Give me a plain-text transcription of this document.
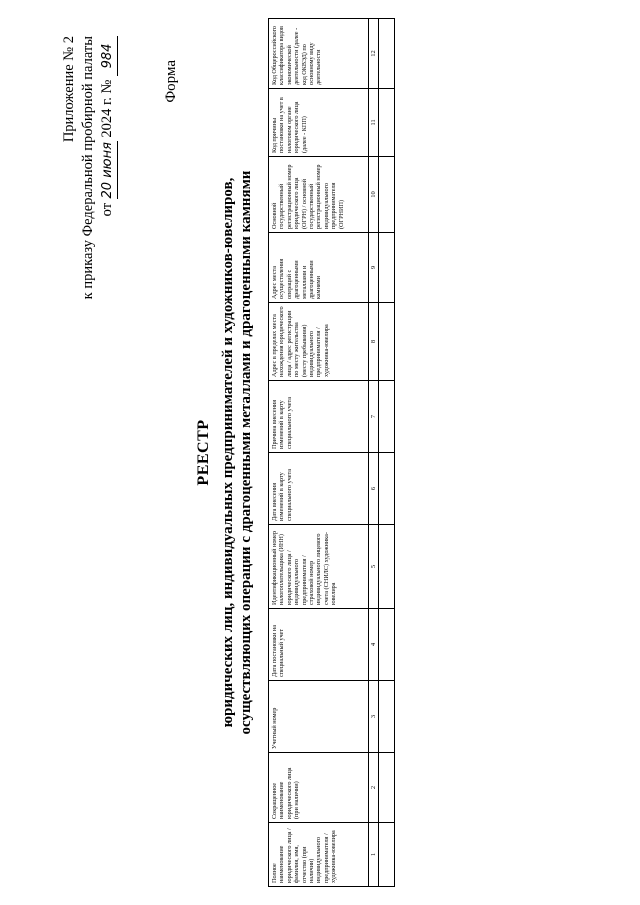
Приложение № 2 к приказу Федеральной пробирной палаты от 20 июня 2024 г. № 984
Форма
РЕЕСТР юридических лиц, индивидуальных предпринимателей и художников-ювелиров, осуществляющих операции с драгоценными металлами и драгоценными камнями
Полное наименование юридического лица / фамилия, имя, отчество (при наличии) индивидуального предпринимателя / художника-ювелира	Сокращенное наименование юридического лица (при наличии)	Учетный номер	Дата постановки на специальный учет	Идентификационный номер налогоплательщика (ИНН) юридического лица / индивидуального предпринимателя / страховой номер индивидуального лицевого счета (СНИЛС) художника-ювелира	Дата внесения изменений в карту специального учета	Причина внесения изменений в карту специального учета	Адрес в пределах места нахождения юридического лица / адрес регистрации по месту жительства (месту пребывания) индивидуального предпринимателя / художника-ювелира	Адрес места осуществления операций с драгоценными металлами и драгоценными камнями	Основной государственный регистрационный номер юридического лица (ОГРН) / основной государственный регистрационный номер индивидуального предпринимателя (ОГРНИП)	Код причины постановки на учет в налоговом органе юридического лица (далее - КПП)	Код Общероссийского классификатора видов экономической деятельности (далее - код ОКВЭД) по основному виду деятельности
1	2	3	4	5	6	7	8	9	10	11	12
